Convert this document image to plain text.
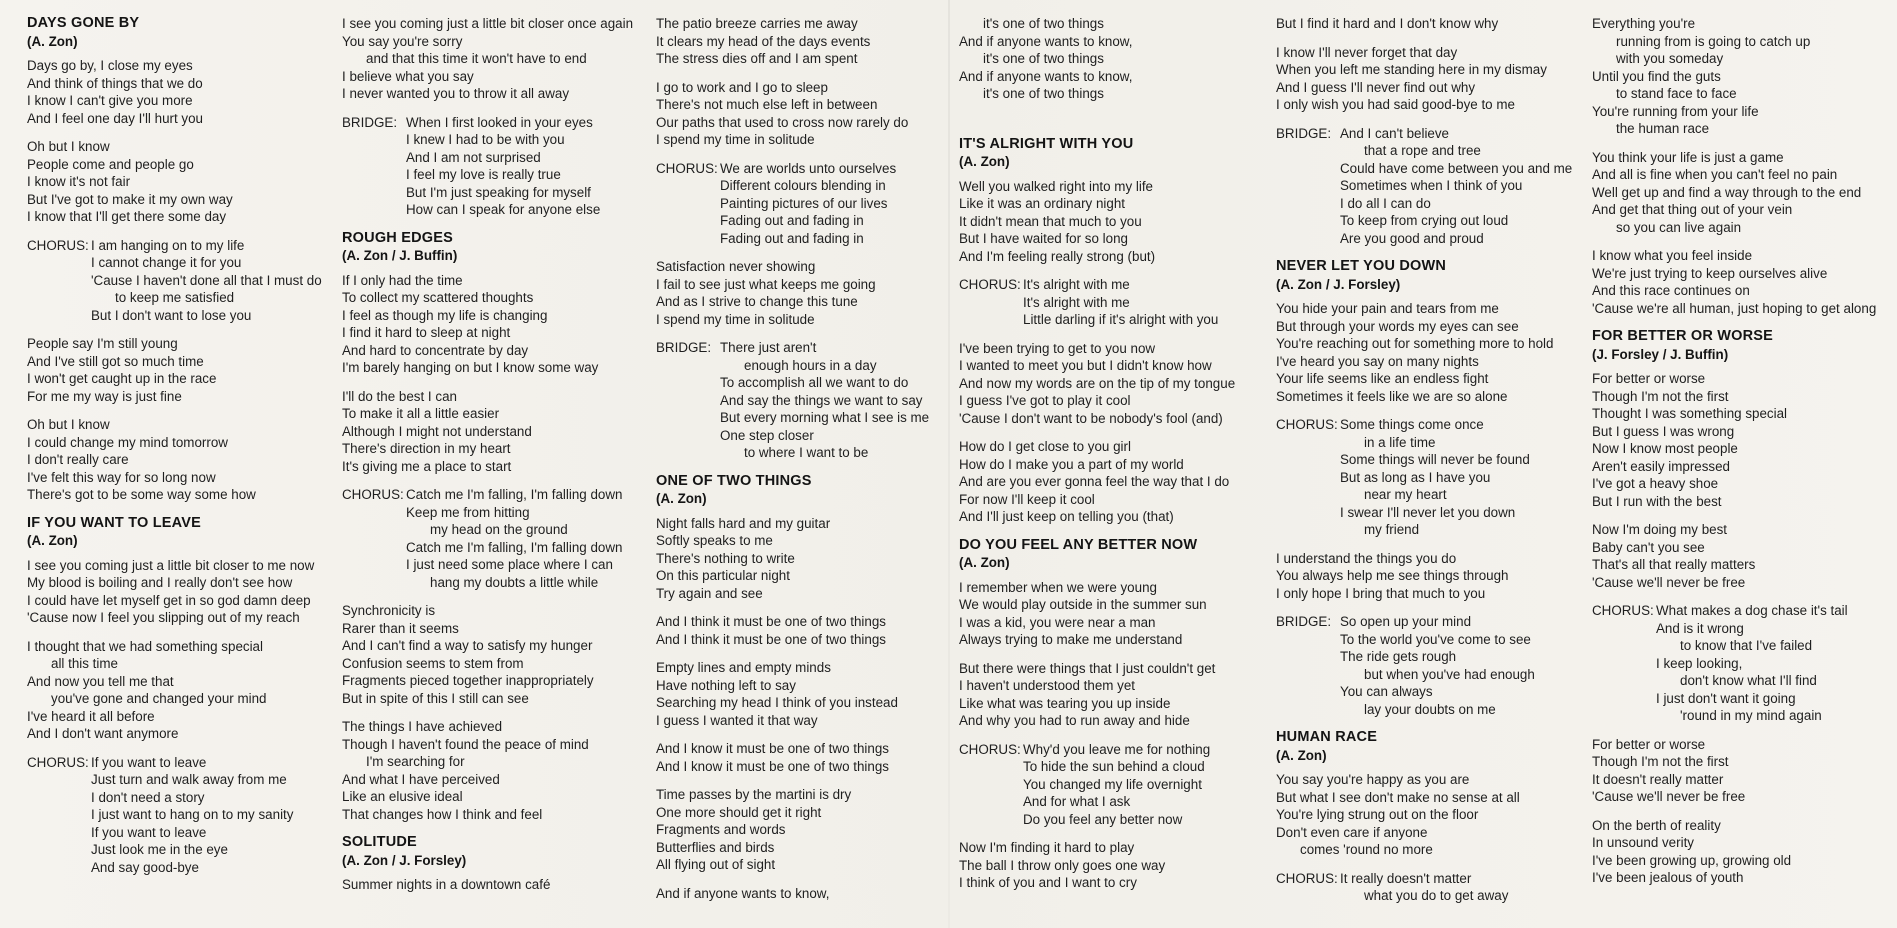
DAYS GONE BY
(A. Zon)
Days go by, I close my eyes
And think of things that we do
I know I can't give you more
And I feel one day I'll hurt you
Oh but I know
People come and people go
I know it's not fair
But I've got to make it my own way
I know that I'll get there some day
CHORUS: I am hanging on to my life
I cannot change it for you
'Cause I haven't done all that I must do
to keep me satisfied
But I don't want to lose you
People say I'm still young
And I've still got so much time
I won't get caught up in the race
For me my way is just fine
Oh but I know
I could change my mind tomorrow
I don't really care
I've felt this way for so long now
There's got to be some way some how
IF YOU WANT TO LEAVE
(A. Zon)
I see you coming just a little bit closer to me now
My blood is boiling and I really don't see how
I could have let myself get in so god damn deep
'Cause now I feel you slipping out of my reach
I thought that we had something special
all this time
And now you tell me that
you've gone and changed your mind
I've heard it all before
And I don't want anymore
CHORUS: If you want to leave
Just turn and walk away from me
I don't need a story
I just want to hang on to my sanity
If you want to leave
Just look me in the eye
And say good-bye
I see you coming just a little bit closer once again
You say you're sorry
and that this time it won't have to end
I believe what you say
I never wanted you to throw it all away
BRIDGE: When I first looked in your eyes
I knew I had to be with you
And I am not surprised
I feel my love is really true
But I'm just speaking for myself
How can I speak for anyone else
ROUGH EDGES
(A. Zon / J. Buffin)
If I only had the time
To collect my scattered thoughts
I feel as though my life is changing
I find it hard to sleep at night
And hard to concentrate by day
I'm barely hanging on but I know some way
I'll do the best I can
To make it all a little easier
Although I might not understand
There's direction in my heart
It's giving me a place to start
CHORUS: Catch me I'm falling, I'm falling down
Keep me from hitting
my head on the ground
Catch me I'm falling, I'm falling down
I just need some place where I can
hang my doubts a little while
Synchronicity is
Rarer than it seems
And I can't find a way to satisfy my hunger
Confusion seems to stem from
Fragments pieced together inappropriately
But in spite of this I still can see
The things I have achieved
Though I haven't found the peace of mind
I'm searching for
And what I have perceived
Like an elusive ideal
That changes how I think and feel
SOLITUDE
(A. Zon / J. Forsley)
Summer nights in a downtown café
The patio breeze carries me away
It clears my head of the days events
The stress dies off and I am spent
I go to work and I go to sleep
There's not much else left in between
Our paths that used to cross now rarely do
I spend my time in solitude
CHORUS: We are worlds unto ourselves
Different colours blending in
Painting pictures of our lives
Fading out and fading in
Fading out and fading in
Satisfaction never showing
I fail to see just what keeps me going
And as I strive to change this tune
I spend my time in solitude
BRIDGE: There just aren't
enough hours in a day
To accomplish all we want to do
And say the things we want to say
But every morning what I see is me
One step closer
to where I want to be
ONE OF TWO THINGS
(A. Zon)
Night falls hard and my guitar
Softly speaks to me
There's nothing to write
On this particular night
Try again and see
And I think it must be one of two things
And I think it must be one of two things
Empty lines and empty minds
Have nothing left to say
Searching my head I think of you instead
I guess I wanted it that way
And I know it must be one of two things
And I know it must be one of two things
Time passes by the martini is dry
One more should get it right
Fragments and words
Butterflies and birds
All flying out of sight
And if anyone wants to know,
it's one of two things
And if anyone wants to know,
it's one of two things
And if anyone wants to know,
it's one of two things
IT'S ALRIGHT WITH YOU
(A. Zon)
Well you walked right into my life
Like it was an ordinary night
It didn't mean that much to you
But I have waited for so long
And I'm feeling really strong (but)
CHORUS: It's alright with me
It's alright with me
Little darling if it's alright with you
I've been trying to get to you now
I wanted to meet you but I didn't know how
And now my words are on the tip of my tongue
I guess I've got to play it cool
'Cause I don't want to be nobody's fool (and)
How do I get close to you girl
How do I make you a part of my world
And are you ever gonna feel the way that I do
For now I'll keep it cool
And I'll just keep on telling you (that)
DO YOU FEEL ANY BETTER NOW
(A. Zon)
I remember when we were young
We would play outside in the summer sun
I was a kid, you were near a man
Always trying to make me understand
But there were things that I just couldn't get
I haven't understood them yet
Like what was tearing you up inside
And why you had to run away and hide
CHORUS: Why'd you leave me for nothing
To hide the sun behind a cloud
You changed my life overnight
And for what I ask
Do you feel any better now
Now I'm finding it hard to play
The ball I throw only goes one way
I think of you and I want to cry
But I find it hard and I don't know why
I know I'll never forget that day
When you left me standing here in my dismay
And I guess I'll never find out why
I only wish you had said good-bye to me
BRIDGE: And I can't believe
that a rope and tree
Could have come between you and me
Sometimes when I think of you
I do all I can do
To keep from crying out loud
Are you good and proud
NEVER LET YOU DOWN
(A. Zon / J. Forsley)
You hide your pain and tears from me
But through your words my eyes can see
You're reaching out for something more to hold
I've heard you say on many nights
Your life seems like an endless fight
Sometimes it feels like we are so alone
CHORUS: Some things come once
in a life time
Some things will never be found
But as long as I have you
near my heart
I swear I'll never let you down
my friend
I understand the things you do
You always help me see things through
I only hope I bring that much to you
BRIDGE: So open up your mind
To the world you've come to see
The ride gets rough
but when you've had enough
You can always
lay your doubts on me
HUMAN RACE
(A. Zon)
You say you're happy as you are
But what I see don't make no sense at all
You're lying strung out on the floor
Don't even care if anyone
comes 'round no more
CHORUS: It really doesn't matter
what you do to get away
Everything you're
running from is going to catch up
with you someday
Until you find the guts
to stand face to face
You're running from your life
the human race
You think your life is just a game
And all is fine when you can't feel no pain
Well get up and find a way through to the end
And get that thing out of your vein
so you can live again
I know what you feel inside
We're just trying to keep ourselves alive
And this race continues on
'Cause we're all human, just hoping to get along
FOR BETTER OR WORSE
(J. Forsley / J. Buffin)
For better or worse
Though I'm not the first
Thought I was something special
But I guess I was wrong
Now I know most people
Aren't easily impressed
I've got a heavy shoe
But I run with the best
Now I'm doing my best
Baby can't you see
That's all that really matters
'Cause we'll never be free
CHORUS: What makes a dog chase it's tail
And is it wrong
to know that I've failed
I keep looking,
don't know what I'll find
I just don't want it going
'round in my mind again
For better or worse
Though I'm not the first
It doesn't really matter
'Cause we'll never be free
On the berth of reality
In unsound verity
I've been growing up, growing old
I've been jealous of youth
